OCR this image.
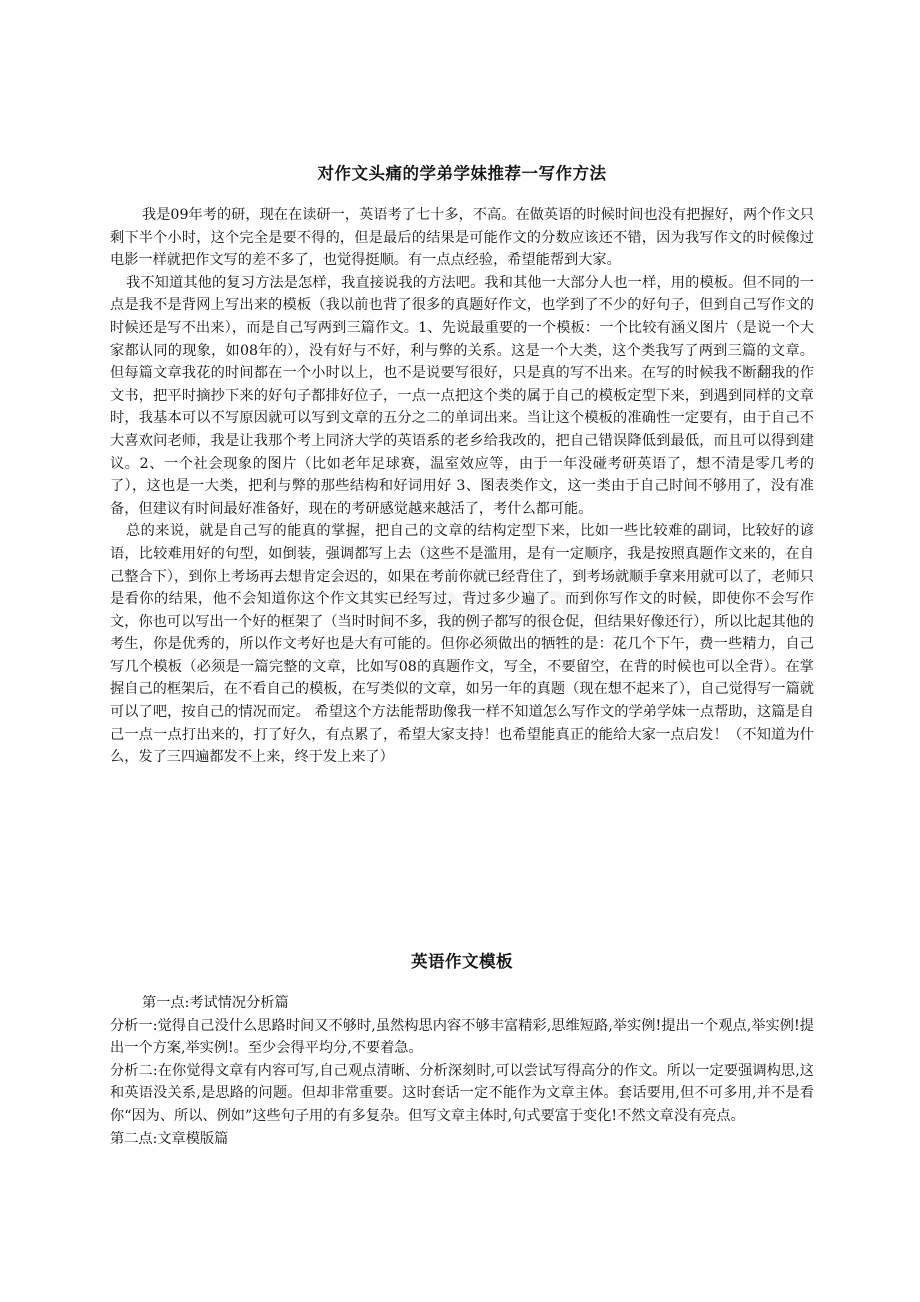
对作文头痛的学弟学妹推荐一写作方法

我是09年考的研，现在在读研一，英语考了七十多，不高。在做英语的时候时间也没有把握好，两个作文只剩下半个小时，这个完全是要不得的，但是最后的结果是可能作文的分数应该还不错，因为我写作文的时候像过电影一样就把作文写的差不多了，也觉得挺顺。有一点点经验，希望能帮到大家。

我不知道其他的复习方法是怎样，我直接说我的方法吧。我和其他一大部分人也一样，用的模板。但不同的一点是我不是背网上写出来的模板（我以前也背了很多的真题好作文，也学到了不少的好句子，但到自己写作文的时候还是写不出来），而是自己写两到三篇作文。1、先说最重要的一个模板：一个比较有涵义图片（是说一个大家都认同的现象，如08年的），没有好与不好，利与弊的关系。这是一个大类，这个类我写了两到三篇的文章。但每篇文章我花的时间都在一个小时以上，也不是说要写很好，只是真的写不出来。在写的时候我不断翻我的作文书，把平时摘抄下来的好句子都排好位子，一点一点把这个类的属于自己的模板定型下来，到遇到同样的文章时，我基本可以不写原因就可以写到文章的五分之二的单词出来。当让这个模板的准确性一定要有，由于自己不大喜欢问老师，我是让我那个考上同济大学的英语系的老乡给我改的，把自己错误降低到最低，而且可以得到建议。2、一个社会现象的图片（比如老年足球赛，温室效应等，由于一年没碰考研英语了，想不清是零几考的了），这也是一大类，把利与弊的那些结构和好词用好 3、图表类作文，这一类由于自己时间不够用了，没有准备，但建议有时间最好准备好，现在的考研感觉越来越活了，考什么都可能。

总的来说，就是自己写的能真的掌握，把自己的文章的结构定型下来，比如一些比较难的副词，比较好的谚语，比较难用好的句型，如倒装，强调都写上去（这些不是滥用，是有一定顺序，我是按照真题作文来的，在自己整合下），到你上考场再去想肯定会迟的，如果在考前你就已经背住了，到考场就顺手拿来用就可以了，老师只是看你的结果，他不会知道你这个作文其实已经写过，背过多少遍了。而到你写作文的时候，即使你不会写作文，你也可以写出一个好的框架了（当时时间不多，我的例子都写的很仓促，但结果好像还行），所以比起其他的考生，你是优秀的，所以作文考好也是大有可能的。但你必须做出的牺牲的是：花几个下午，费一些精力，自己写几个模板（必须是一篇完整的文章，比如写08的真题作文，写全，不要留空，在背的时候也可以全背）。在掌握自己的框架后，在不看自己的模板，在写类似的文章，如另一年的真题（现在想不起来了），自己觉得写一篇就可以了吧，按自己的情况而定。 希望这个方法能帮助像我一样不知道怎么写作文的学弟学妹一点帮助，这篇是自己一点一点打出来的，打了好久，有点累了，希望大家支持！也希望能真正的能给大家一点启发！（不知道为什么，发了三四遍都发不上来，终于发上来了）

英语作文模板

第一点:考试情况分析篇

分析一:觉得自己没什么思路时间又不够时,虽然构思内容不够丰富精彩,思维短路,举实例!提出一个观点,举实例!提出一个方案,举实例!。至少会得平均分,不要着急。

分析二:在你觉得文章有内容可写,自己观点清晰、分析深刻时,可以尝试写得高分的作文。所以一定要强调构思,这和英语没关系,是思路的问题。但却非常重要。这时套话一定不能作为文章主体。套话要用,但不可多用,并不是看你“因为、所以、例如”这些句子用的有多复杂。但写文章主体时,句式要富于变化!不然文章没有亮点。

第二点:文章模版篇
